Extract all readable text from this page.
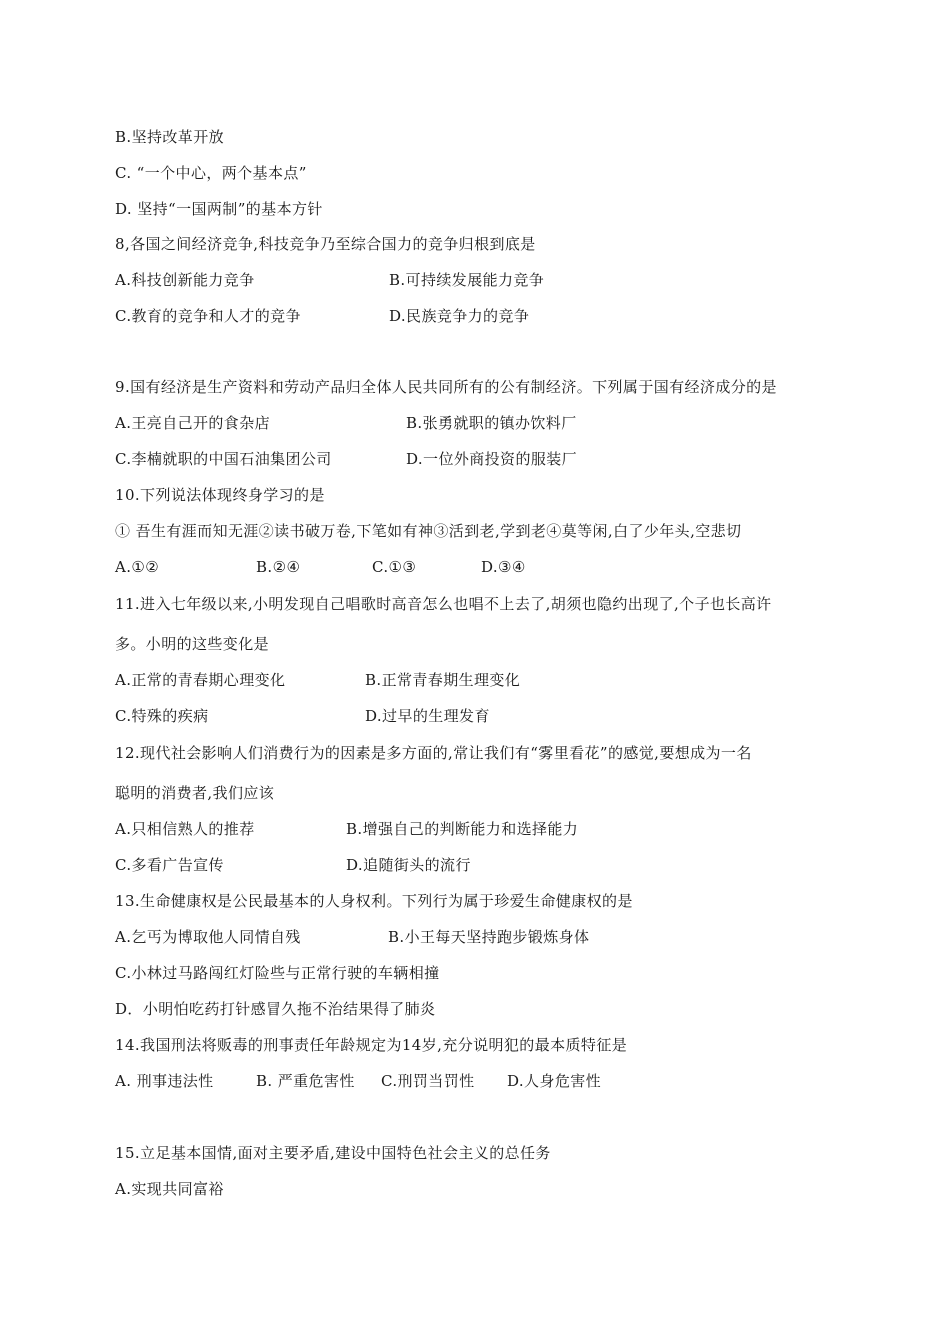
B.坚持改革开放
C. “一个中心，两个基本点”
D. 坚持“一国两制”的基本方针
8,各国之间经济竞争,科技竞争乃至综合国力的竞争归根到底是
A.科技创新能力竞争	B.可持续发展能力竞争
C.教育的竞争和人才的竞争	D.民族竞争力的竞争
9.国有经济是生产资料和劳动产品归全体人民共同所有的公有制经济。下列属于国有经济成分的是
A.王亮自己开的食杂店	B.张勇就职的镇办饮料厂
C.李楠就职的中国石油集团公司	D.一位外商投资的服装厂
10.下列说法体现终身学习的是
① 吾生有涯而知无涯②读书破万卷,下笔如有神③活到老,学到老④莫等闲,白了少年头,空悲切
A.①②	B.②④	C.①③	D.③④
11.进入七年级以来,小明发现自己唱歌时高音怎么也唱不上去了,胡须也隐约出现了,个子也长高许
多。小明的这些变化是
A.正常的青春期心理变化	B.正常青春期生理变化
C.特殊的疾病	D.过早的生理发育
12.现代社会影响人们消费行为的因素是多方面的,常让我们有“雾里看花”的感觉,要想成为一名
聪明的消费者,我们应该
A.只相信熟人的推荐	B.增强自己的判断能力和选择能力
C.多看广告宣传	D.追随街头的流行
13.生命健康权是公民最基本的人身权利。下列行为属于珍爱生命健康权的是
A.乞丐为博取他人同情自残	B.小王每天坚持跑步锻炼身体
C.小林过马路闯红灯险些与正常行驶的车辆相撞
D．小明怕吃药打针感冒久拖不治结果得了肺炎
14.我国刑法将贩毒的刑事责任年龄规定为14岁,充分说明犯的最本质特征是
A. 刑事违法性	B. 严重危害性 C.刑罚当罚性 D.人身危害性
15.立足基本国情,面对主要矛盾,建设中国特色社会主义的总任务
A.实现共同富裕
